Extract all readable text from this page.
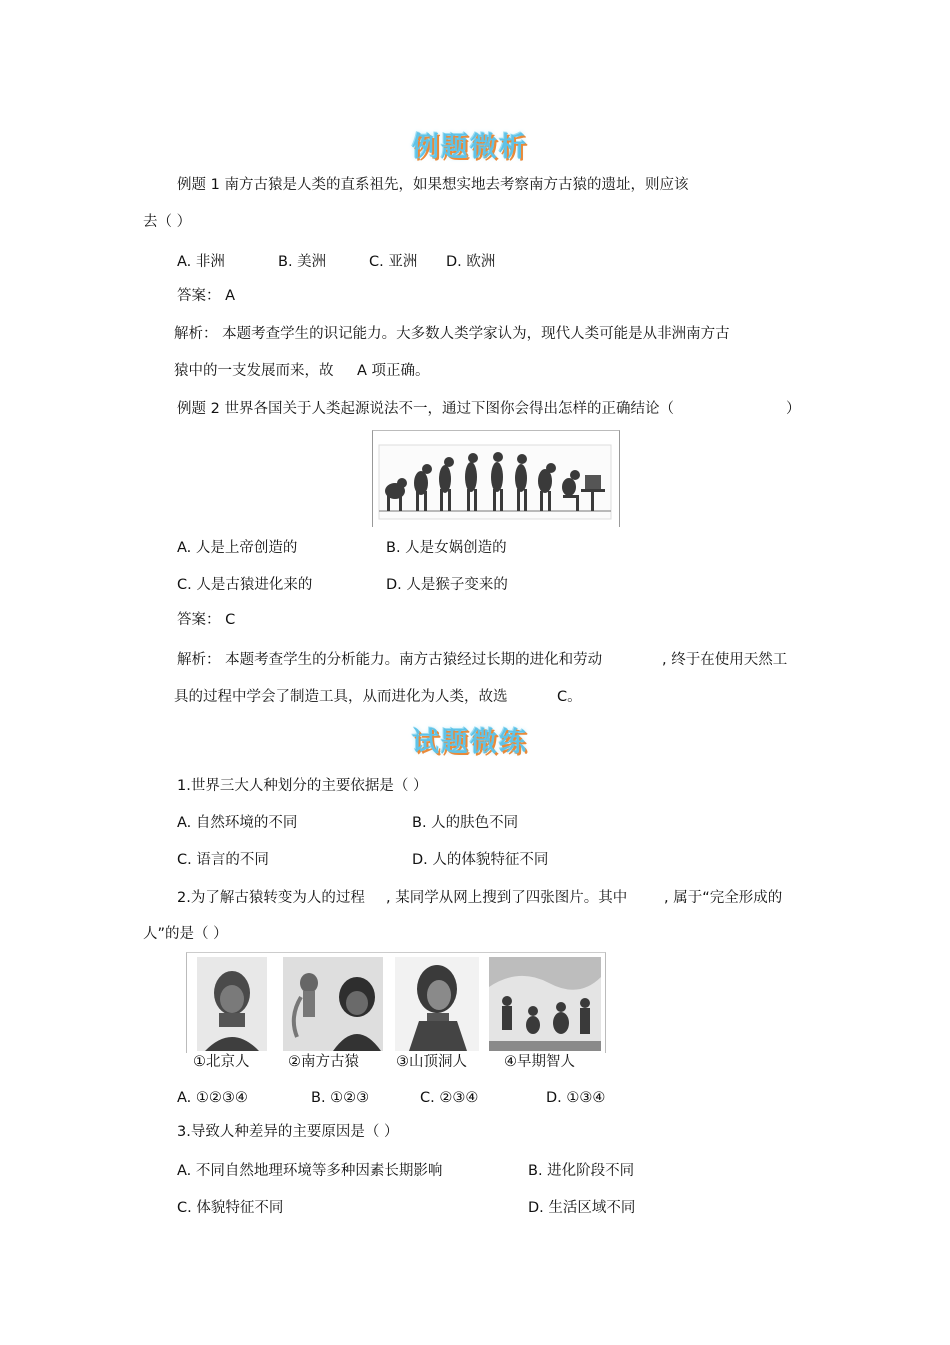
例题微析
例题 1 南方古猿是人类的直系祖先，如果想实地去考察南方古猿的遗址，则应该
去（ ）
A. 非洲	B. 美洲	C. 亚洲 D. 欧洲
答案： A
解析： 本题考查学生的识记能力。大多数人类学家认为，现代人类可能是从非洲南方古
猿中的一支发展而来，故 A 项正确。
例题 2 世界各国关于人类起源说法不一，通过下图你会得出怎样的正确结论（	）
A. 人是上帝创造的	B. 人是女娲创造的
C. 人是古猿进化来的	D. 人是猴子变来的
答案： C
解析： 本题考查学生的分析能力。南方古猿经过长期的进化和劳动	, 终于在使用天然工
具的过程中学会了制造工具，从而进化为人类，故选	C。
试题微练
1.世界三大人种划分的主要依据是（ ）
A. 自然环境的不同	B. 人的肤色不同
C. 语言的不同	D. 人的体貌特征不同
2.为了解古猿转变为人的过程 , 某同学从网上搜到了四张图片。其中	, 属于“完全形成的
人”的是（ ）
①北京人	②南方古猿	③山顶洞人	④早期智人
A. ①②③④	B. ①②③	C. ②③④	D. ①③④
3.导致人种差异的主要原因是（ ）
A. 不同自然地理环境等多种因素长期影响	B. 进化阶段不同
C. 体貌特征不同	D. 生活区域不同
